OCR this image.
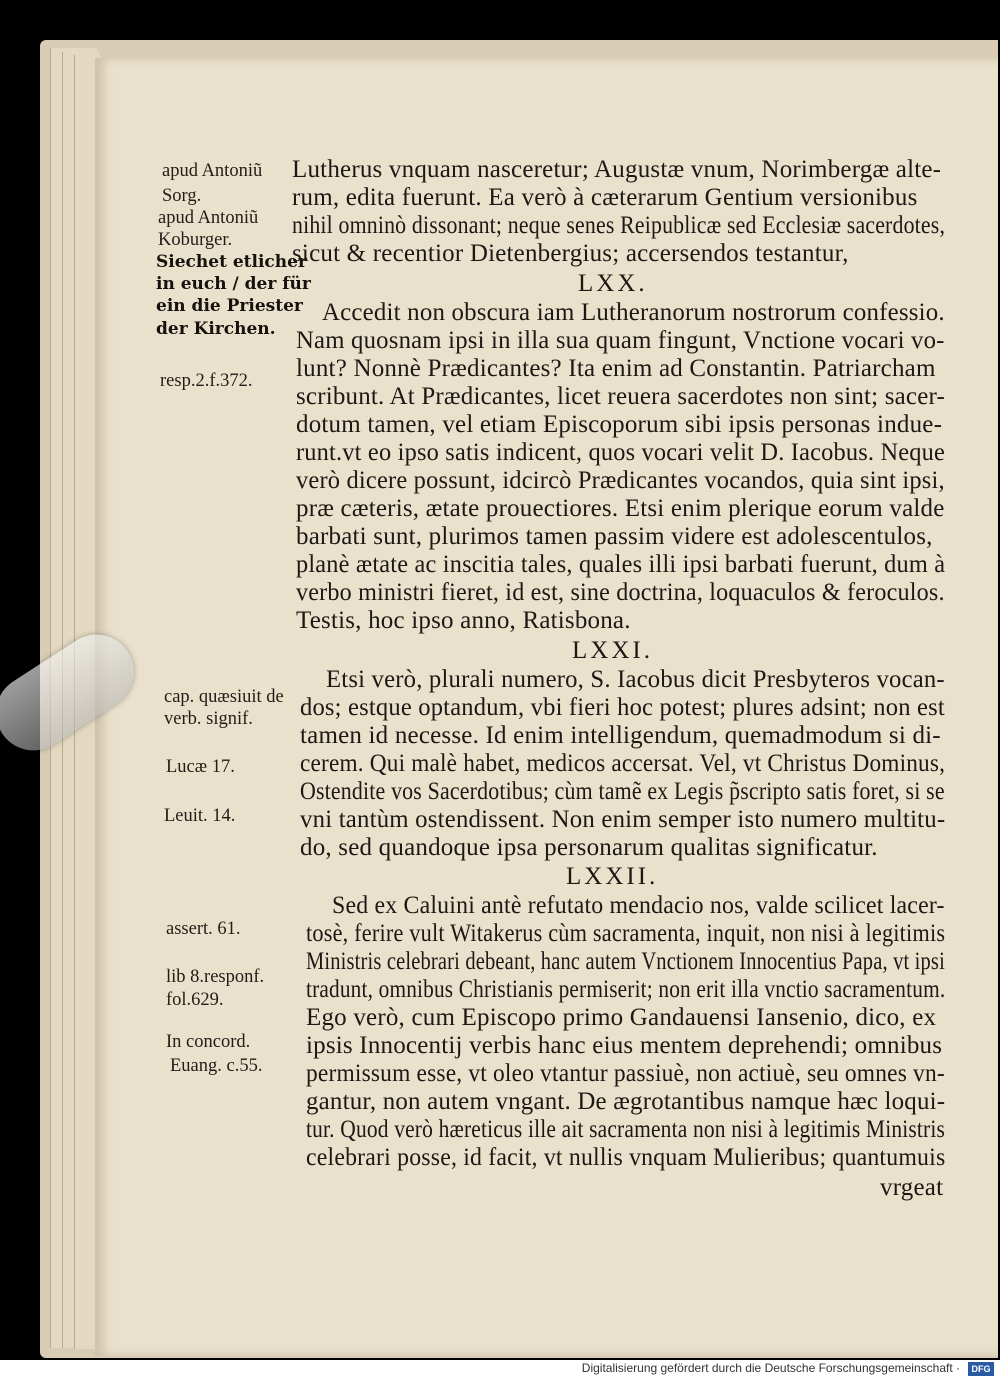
apud Antoniũ
Sorg.
apud Antoniũ
Koburger.
Siechet etlicher
in euch / der für
ein die Priester
der Kirchen.
resp.2.f.372.
cap. quæsiuit de
verb. signif.
Lucæ 17.
Leuit. 14.
assert. 61.
lib 8.responf.
fol.629.
In concord.
Euang. c.55.
Lutherus vnquam nasceretur; Augustæ vnum, Norimbergæ alte-
rum, edita fuerunt. Ea verò à cæterarum Gentium versionibus
nihil omninò dissonant; neque senes Reipublicæ sed Ecclesiæ sacerdotes,
sicut & recentior Dietenbergius; accersendos testantur,
LXX.
Accedit non obscura iam Lutheranorum nostrorum confessio.
Nam quosnam ipsi in illa sua quam fingunt, Vnctione vocari vo-
lunt? Nonnè Prædicantes? Ita enim ad Constantin. Patriarcham
scribunt. At Prædicantes, licet reuera sacerdotes non sint; sacer-
dotum tamen, vel etiam Episcoporum sibi ipsis personas indue-
runt.vt eo ipso satis indicent, quos vocari velit D. Iacobus. Neque
verò dicere possunt, idcircò Prædicantes vocandos, quia sint ipsi,
præ cæteris, ætate prouectiores. Etsi enim plerique eorum valde
barbati sunt, plurimos tamen passim videre est adolescentulos,
planè ætate ac inscitia tales, quales illi ipsi barbati fuerunt, dum à
verbo ministri fieret, id est, sine doctrina, loquaculos & feroculos.
Testis, hoc ipso anno, Ratisbona.
LXXI.
Etsi verò, plurali numero, S. Iacobus dicit Presbyteros vocan-
dos; estque optandum, vbi fieri hoc potest; plures adsint; non est
tamen id necesse. Id enim intelligendum, quemadmodum si di-
cerem. Qui malè habet, medicos accersat. Vel, vt Christus Dominus,
Ostendite vos Sacerdotibus; cùm tamẽ ex Legis p̃scripto satis foret, si se
vni tantùm ostendissent. Non enim semper isto numero multitu-
do, sed quandoque ipsa personarum qualitas significatur.
LXXII.
Sed ex Caluini antè refutato mendacio nos, valde scilicet lacer-
tosè, ferire vult Witakerus cùm sacramenta, inquit, non nisi à legitimis
Ministris celebrari debeant, hanc autem Vnctionem Innocentius Papa, vt ipsi
tradunt, omnibus Christianis permiserit; non erit illa vnctio sacramentum.
Ego verò, cum Episcopo primo Gandauensi Iansenio, dico, ex
ipsis Innocentij verbis hanc eius mentem deprehendi; omnibus
permissum esse, vt oleo vtantur passiuè, non actiuè, seu omnes vn-
gantur, non autem vngant. De ægrotantibus namque hæc loqui-
tur. Quod verò hæreticus ille ait sacramenta non nisi à legitimis Ministris
celebrari posse, id facit, vt nullis vnquam Mulieribus; quantumuis
vrgeat
Digitalisierung gefördert durch die Deutsche Forschungsgemeinschaft ·	DFG
